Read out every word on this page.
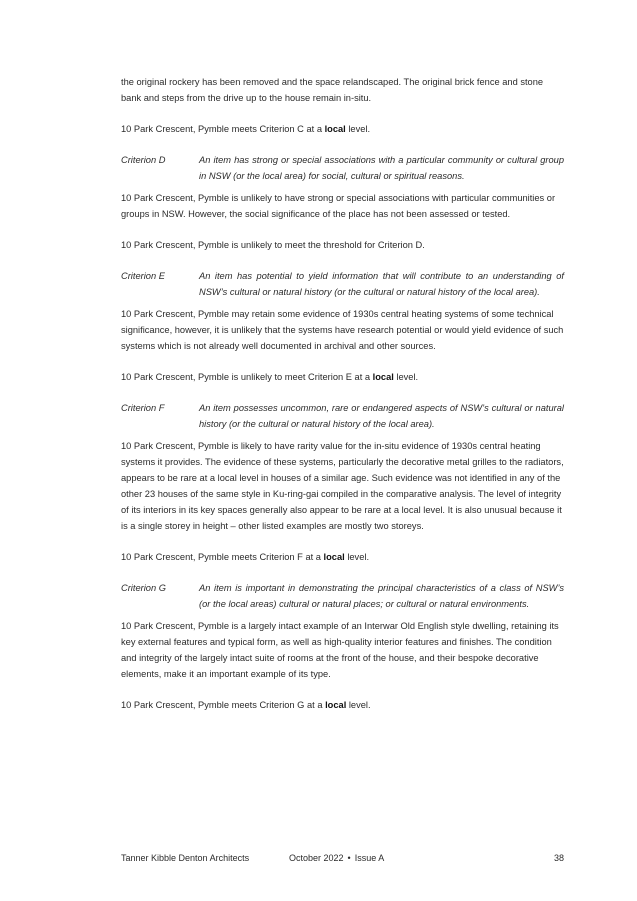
the original rockery has been removed and the space relandscaped. The original brick fence and stone bank and steps from the drive up to the house remain in-situ.

10 Park Crescent, Pymble meets Criterion C at a local level.

Criterion D	An item has strong or special associations with a particular community or cultural group in NSW (or the local area) for social, cultural or spiritual reasons.

10 Park Crescent, Pymble is unlikely to have strong or special associations with particular communities or groups in NSW. However, the social significance of the place has not been assessed or tested.

10 Park Crescent, Pymble is unlikely to meet the threshold for Criterion D.

Criterion E	An item has potential to yield information that will contribute to an understanding of NSW’s cultural or natural history (or the cultural or natural history of the local area).

10 Park Crescent, Pymble may retain some evidence of 1930s central heating systems of some technical significance, however, it is unlikely that the systems have research potential or would yield evidence of such systems which is not already well documented in archival and other sources.

10 Park Crescent, Pymble is unlikely to meet Criterion E at a local level.

Criterion F	An item possesses uncommon, rare or endangered aspects of NSW’s cultural or natural history (or the cultural or natural history of the local area).

10 Park Crescent, Pymble is likely to have rarity value for the in-situ evidence of 1930s central heating systems it provides. The evidence of these systems, particularly the decorative metal grilles to the radiators, appears to be rare at a local level in houses of a similar age. Such evidence was not identified in any of the other 23 houses of the same style in Ku-ring-gai compiled in the comparative analysis. The level of integrity of its interiors in its key spaces generally also appear to be rare at a local level. It is also unusual because it is a single storey in height – other listed examples are mostly two storeys.

10 Park Crescent, Pymble meets Criterion F at a local level.

Criterion G	An item is important in demonstrating the principal characteristics of a class of NSW’s (or the local areas) cultural or natural places; or cultural or natural environments.

10 Park Crescent, Pymble is a largely intact example of an Interwar Old English style dwelling, retaining its key external features and typical form, as well as high-quality interior features and finishes. The condition and integrity of the largely intact suite of rooms at the front of the house, and their bespoke decorative elements, make it an important example of its type.

10 Park Crescent, Pymble meets Criterion G at a local level.

Tanner Kibble Denton Architects	October 2022 • Issue A	38
